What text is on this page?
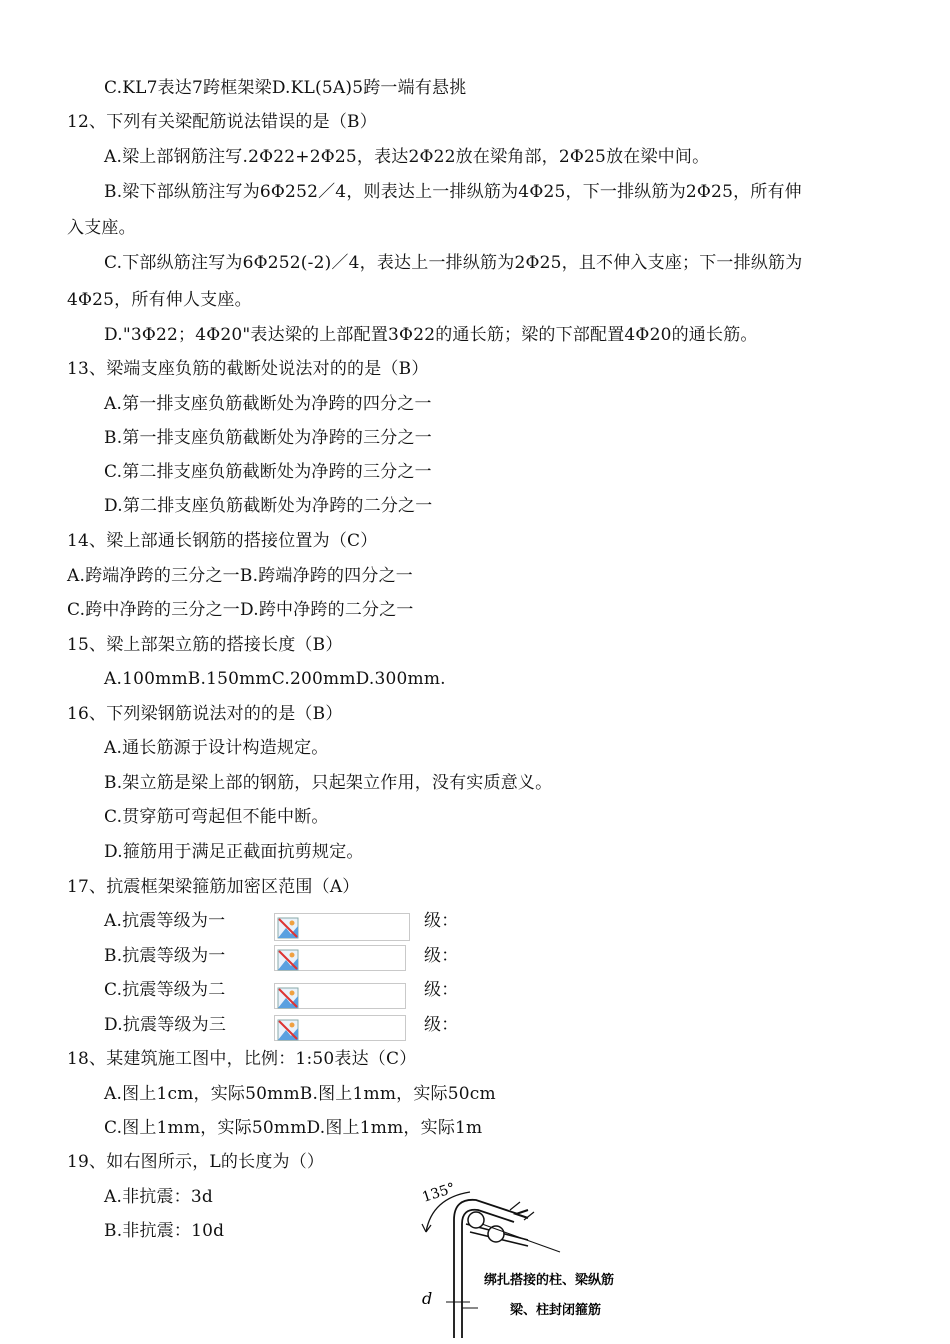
C.KL7表达7跨框架梁D.KL(5A)5跨一端有悬挑
12、下列有关梁配筋说法错误的是（B）
A.梁上部钢筋注写.2Φ22+2Φ25，表达2Φ22放在梁角部，2Φ25放在梁中间。
B.梁下部纵筋注写为6Φ252／4，则表达上一排纵筋为4Φ25，下一排纵筋为2Φ25，所有伸
入支座。
C.下部纵筋注写为6Φ252(-2)／4，表达上一排纵筋为2Φ25，且不伸入支座；下一排纵筋为
4Φ25，所有伸人支座。
D."3Φ22；4Φ20"表达梁的上部配置3Φ22的通长筋；梁的下部配置4Φ20的通长筋。
13、梁端支座负筋的截断处说法对的的是（B）
A.第一排支座负筋截断处为净跨的四分之一
B.第一排支座负筋截断处为净跨的三分之一
C.第二排支座负筋截断处为净跨的三分之一
D.第二排支座负筋截断处为净跨的二分之一
14、梁上部通长钢筋的搭接位置为（C）
A.跨端净跨的三分之一B.跨端净跨的四分之一
C.跨中净跨的三分之一D.跨中净跨的二分之一
15、梁上部架立筋的搭接长度（B）
A.100mmB.150mmC.200mmD.300mm.
16、下列梁钢筋说法对的的是（B）
A.通长筋源于设计构造规定。
B.架立筋是梁上部的钢筋，只起架立作用，没有实质意义。
C.贯穿筋可弯起但不能中断。
D.箍筋用于满足正截面抗剪规定。
17、抗震框架梁箍筋加密区范围（A）
A.抗震等级为一	级：
B.抗震等级为一	级：
C.抗震等级为二	级：
D.抗震等级为三	级：
18、某建筑施工图中，比例：1:50表达（C）
A.图上1cm，实际50mmB.图上1mm，实际50cm
C.图上1mm，实际50mmD.图上1mm，实际1m
19、如右图所示，L的长度为（）
A.非抗震：3d
B.非抗震：10d
135°
绑扎搭接的柱、梁纵筋
梁、柱封闭箍筋
d
